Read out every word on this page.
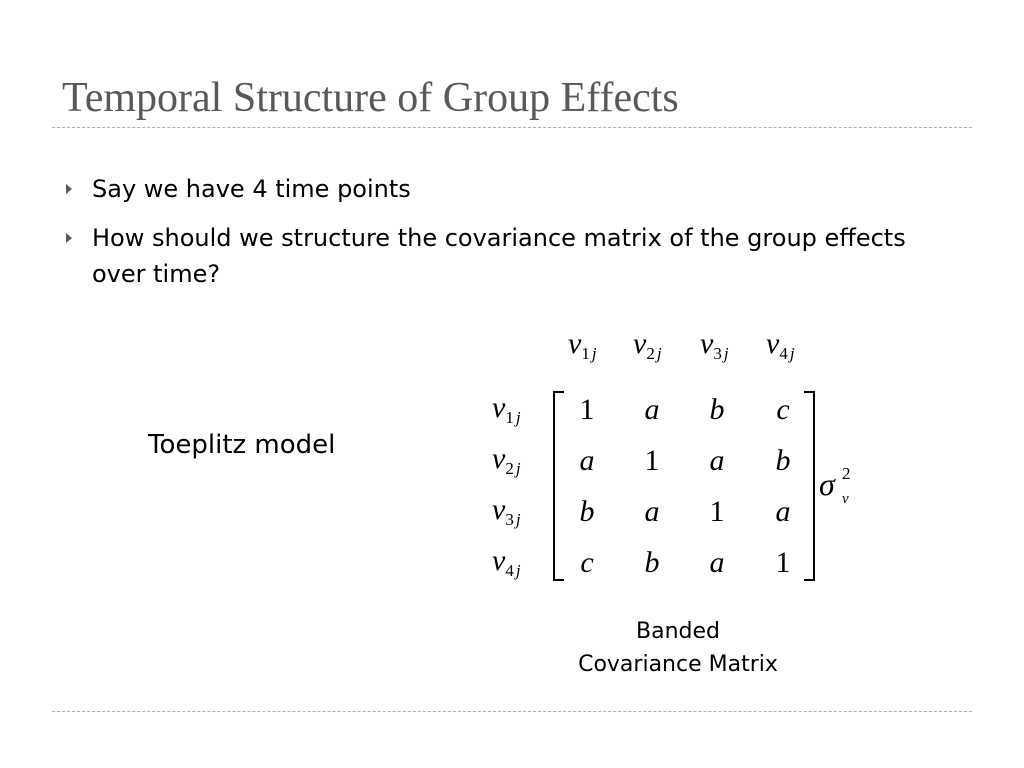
Temporal Structure of Group Effects
Say we have 4 time points
How should we structure the covariance matrix of the group effects over time?
Toeplitz model
$v_1$ j $v_2$ j $v_3$ j $v_4$ j
$v_1$ j
$v_2$ j
$v_3$ j
$v_4$ j
1 a b c
a 1 a b
b a 1 a
c b a 1
σ 2
v
Banded
Covariance Matrix
